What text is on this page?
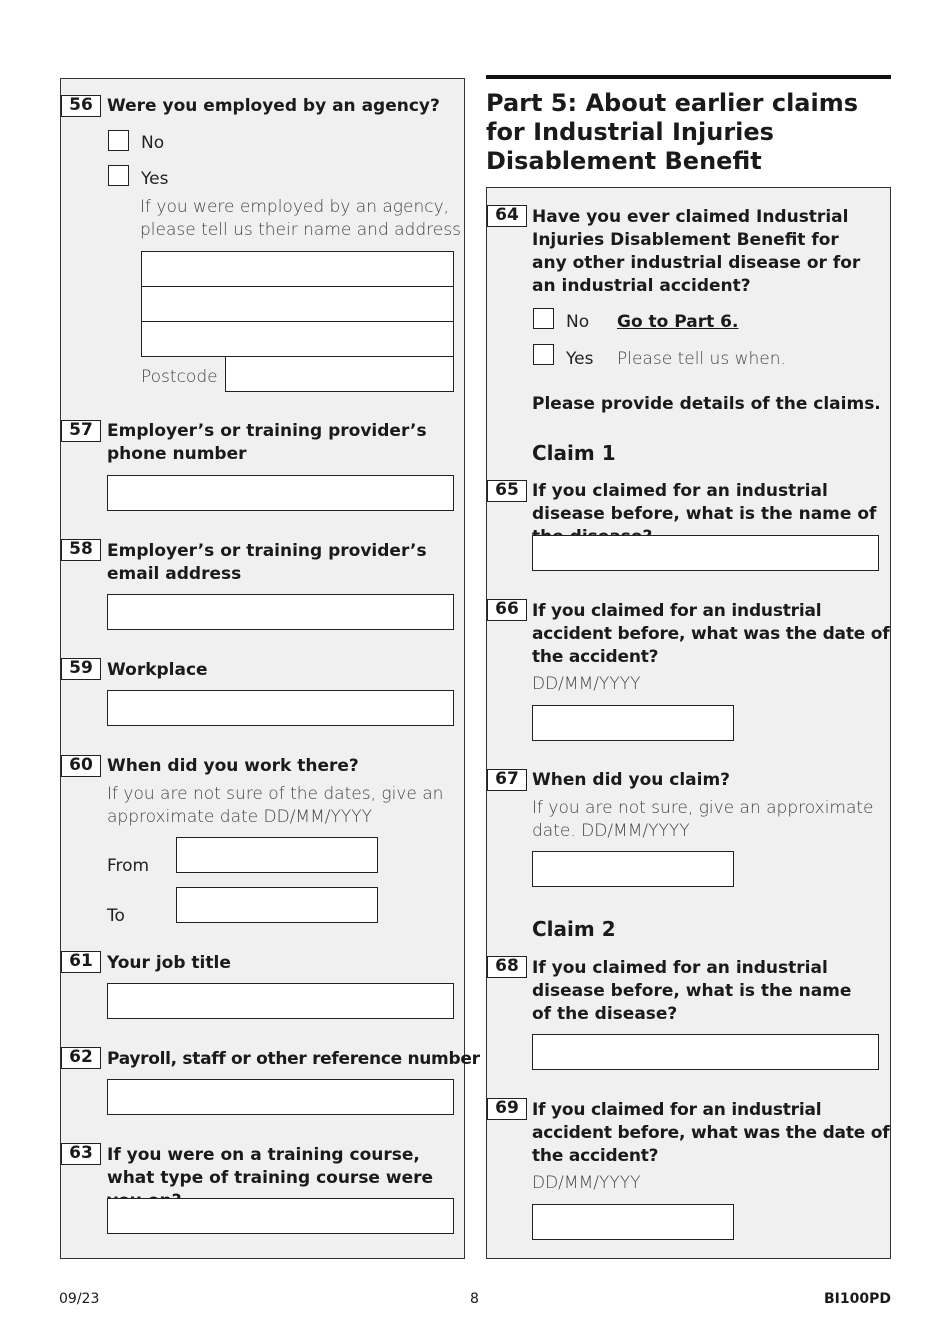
56 Were you employed by an agency?
No
Yes
If you were employed by an agency, please tell us their name and address
Postcode
57 Employer’s or training provider’s phone number
58 Employer’s or training provider’s email address
59 Workplace
60 When did you work there?
If you are not sure of the dates, give an approximate date DD/MM/YYYY
From
To
61 Your job title
62 Payroll, staff or other reference number
63 If you were on a training course, what type of training course were
Part 5: About earlier claims for Industrial Injuries Disablement Benefit
64 Have you ever claimed Industrial Injuries Disablement Benefit for any other industrial disease or for an industrial accident?
No Go to Part 6.
Yes Please tell us when.
Please provide details of the claims.
Claim 1
65 If you claimed for an industrial disease before, what is the name of
66 If you claimed for an industrial accident before, what was the date of the accident?
DD/MM/YYYY
67 When did you claim?
If you are not sure, give an approximate date. DD/MM/YYYY
Claim 2
68 If you claimed for an industrial disease before, what is the name of the disease?
69 If you claimed for an industrial accident before, what was the date of the accident?
DD/MM/YYYY
09/23	8	BI100PD
